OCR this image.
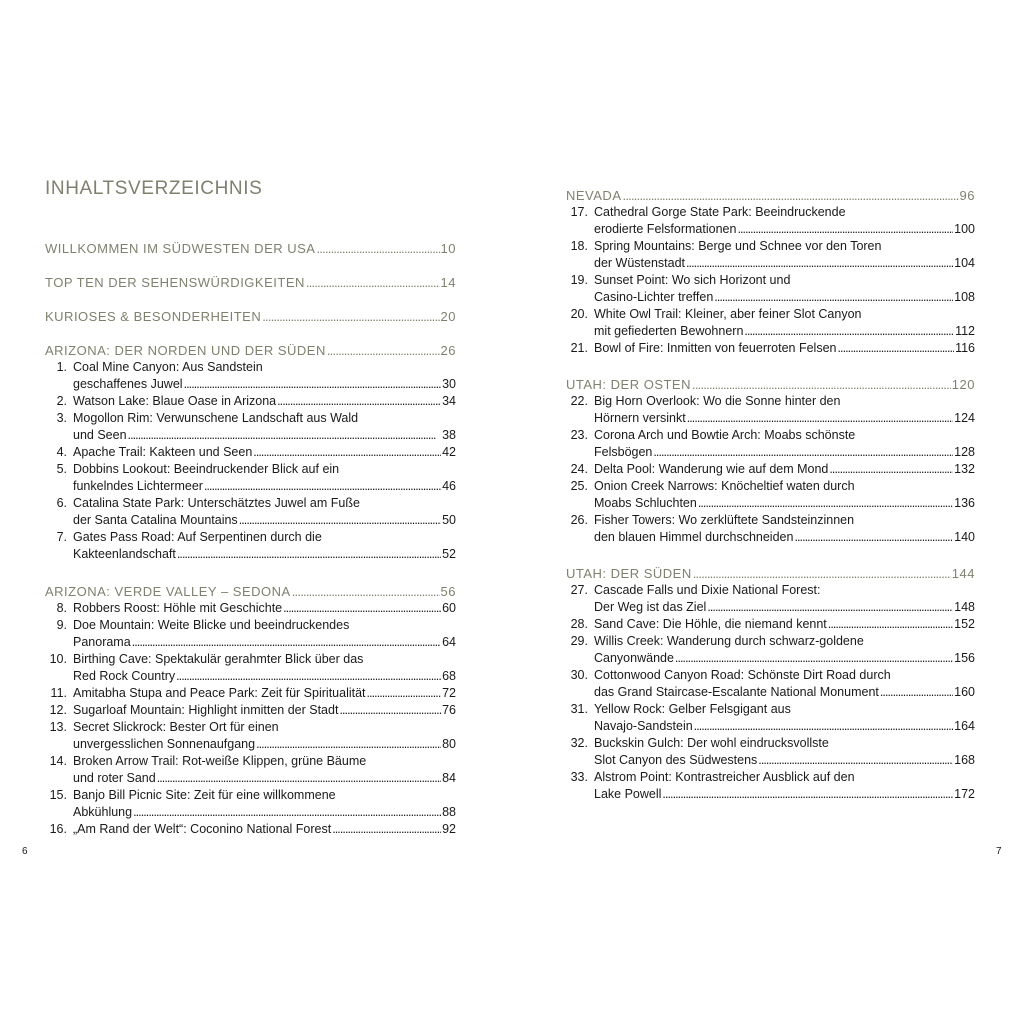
INHALTSVERZEICHNIS
WILLKOMMEN IM SÜDWESTEN DER USA . . .	10
TOP TEN DER SEHENSWÜRDIGKEITEN . . .	14
KURIOSES & BESONDERHEITEN . . .	20
ARIZONA: DER NORDEN UND DER SÜDEN . . .	26
1. Coal Mine Canyon: Aus Sandstein
geschaffenes Juwel . . .	30
2. Watson Lake: Blaue Oase in Arizona . . .	34
3. Mogollon Rim: Verwunschene Landschaft aus Wald
und Seen . . .	38
4. Apache Trail: Kakteen und Seen . . .	42
5. Dobbins Lookout: Beeindruckender Blick auf ein
funkelndes Lichtermeer . . .	46
6. Catalina State Park: Unterschätztes Juwel am Fuße
der Santa Catalina Mountains . . .	50
7. Gates Pass Road: Auf Serpentinen durch die
Kakteenlandschaft . . .	52
ARIZONA: VERDE VALLEY – SEDONA . . .	56
8. Robbers Roost: Höhle mit Geschichte . . .	60
9. Doe Mountain: Weite Blicke und beeindruckendes
Panorama . . .	64
10. Birthing Cave: Spektakulär gerahmter Blick über das
Red Rock Country . . .	68
11. Amitabha Stupa and Peace Park: Zeit für Spiritualität . . .	72
12. Sugarloaf Mountain: Highlight inmitten der Stadt . . .	76
13. Secret Slickrock: Bester Ort für einen
unvergesslichen Sonnenaufgang . . .	80
14. Broken Arrow Trail: Rot-weiße Klippen, grüne Bäume
und roter Sand . . .	84
15. Banjo Bill Picnic Site: Zeit für eine willkommene
Abkühlung . . .	88
16. „Am Rand der Welt“: Coconino National Forest . . .	92
NEVADA . . .	96
17. Cathedral Gorge State Park: Beeindruckende
erodierte Felsformationen . . .	100
18. Spring Mountains: Berge und Schnee vor den Toren
der Wüstenstadt . . .	104
19. Sunset Point: Wo sich Horizont und
Casino-Lichter treffen . . .	108
20. White Owl Trail: Kleiner, aber feiner Slot Canyon
mit gefiederten Bewohnern . . .	112
21. Bowl of Fire: Inmitten von feuerroten Felsen . . .	116
UTAH: DER OSTEN . . .	120
22. Big Horn Overlook: Wo die Sonne hinter den
Hörnern versinkt . . .	124
23. Corona Arch und Bowtie Arch: Moabs schönste
Felsbögen . . .	128
24. Delta Pool: Wanderung wie auf dem Mond . . .	132
25. Onion Creek Narrows: Knöcheltief waten durch
Moabs Schluchten . . .	136
26. Fisher Towers: Wo zerklüftete Sandsteinzinnen
den blauen Himmel durchschneiden . . .	140
UTAH: DER SÜDEN . . .	144
27. Cascade Falls und Dixie National Forest:
Der Weg ist das Ziel . . .	148
28. Sand Cave: Die Höhle, die niemand kennt . . .	152
29. Willis Creek: Wanderung durch schwarz-goldene
Canyonwände . . .	156
30. Cottonwood Canyon Road: Schönste Dirt Road durch
das Grand Staircase-Escalante National Monument . . .	160
31. Yellow Rock: Gelber Felsgigant aus
Navajo-Sandstein . . .	164
32. Buckskin Gulch: Der wohl eindrucksvollste
Slot Canyon des Südwestens . . .	168
33. Alstrom Point: Kontrastreicher Ausblick auf den
Lake Powell . . .	172
6	7
